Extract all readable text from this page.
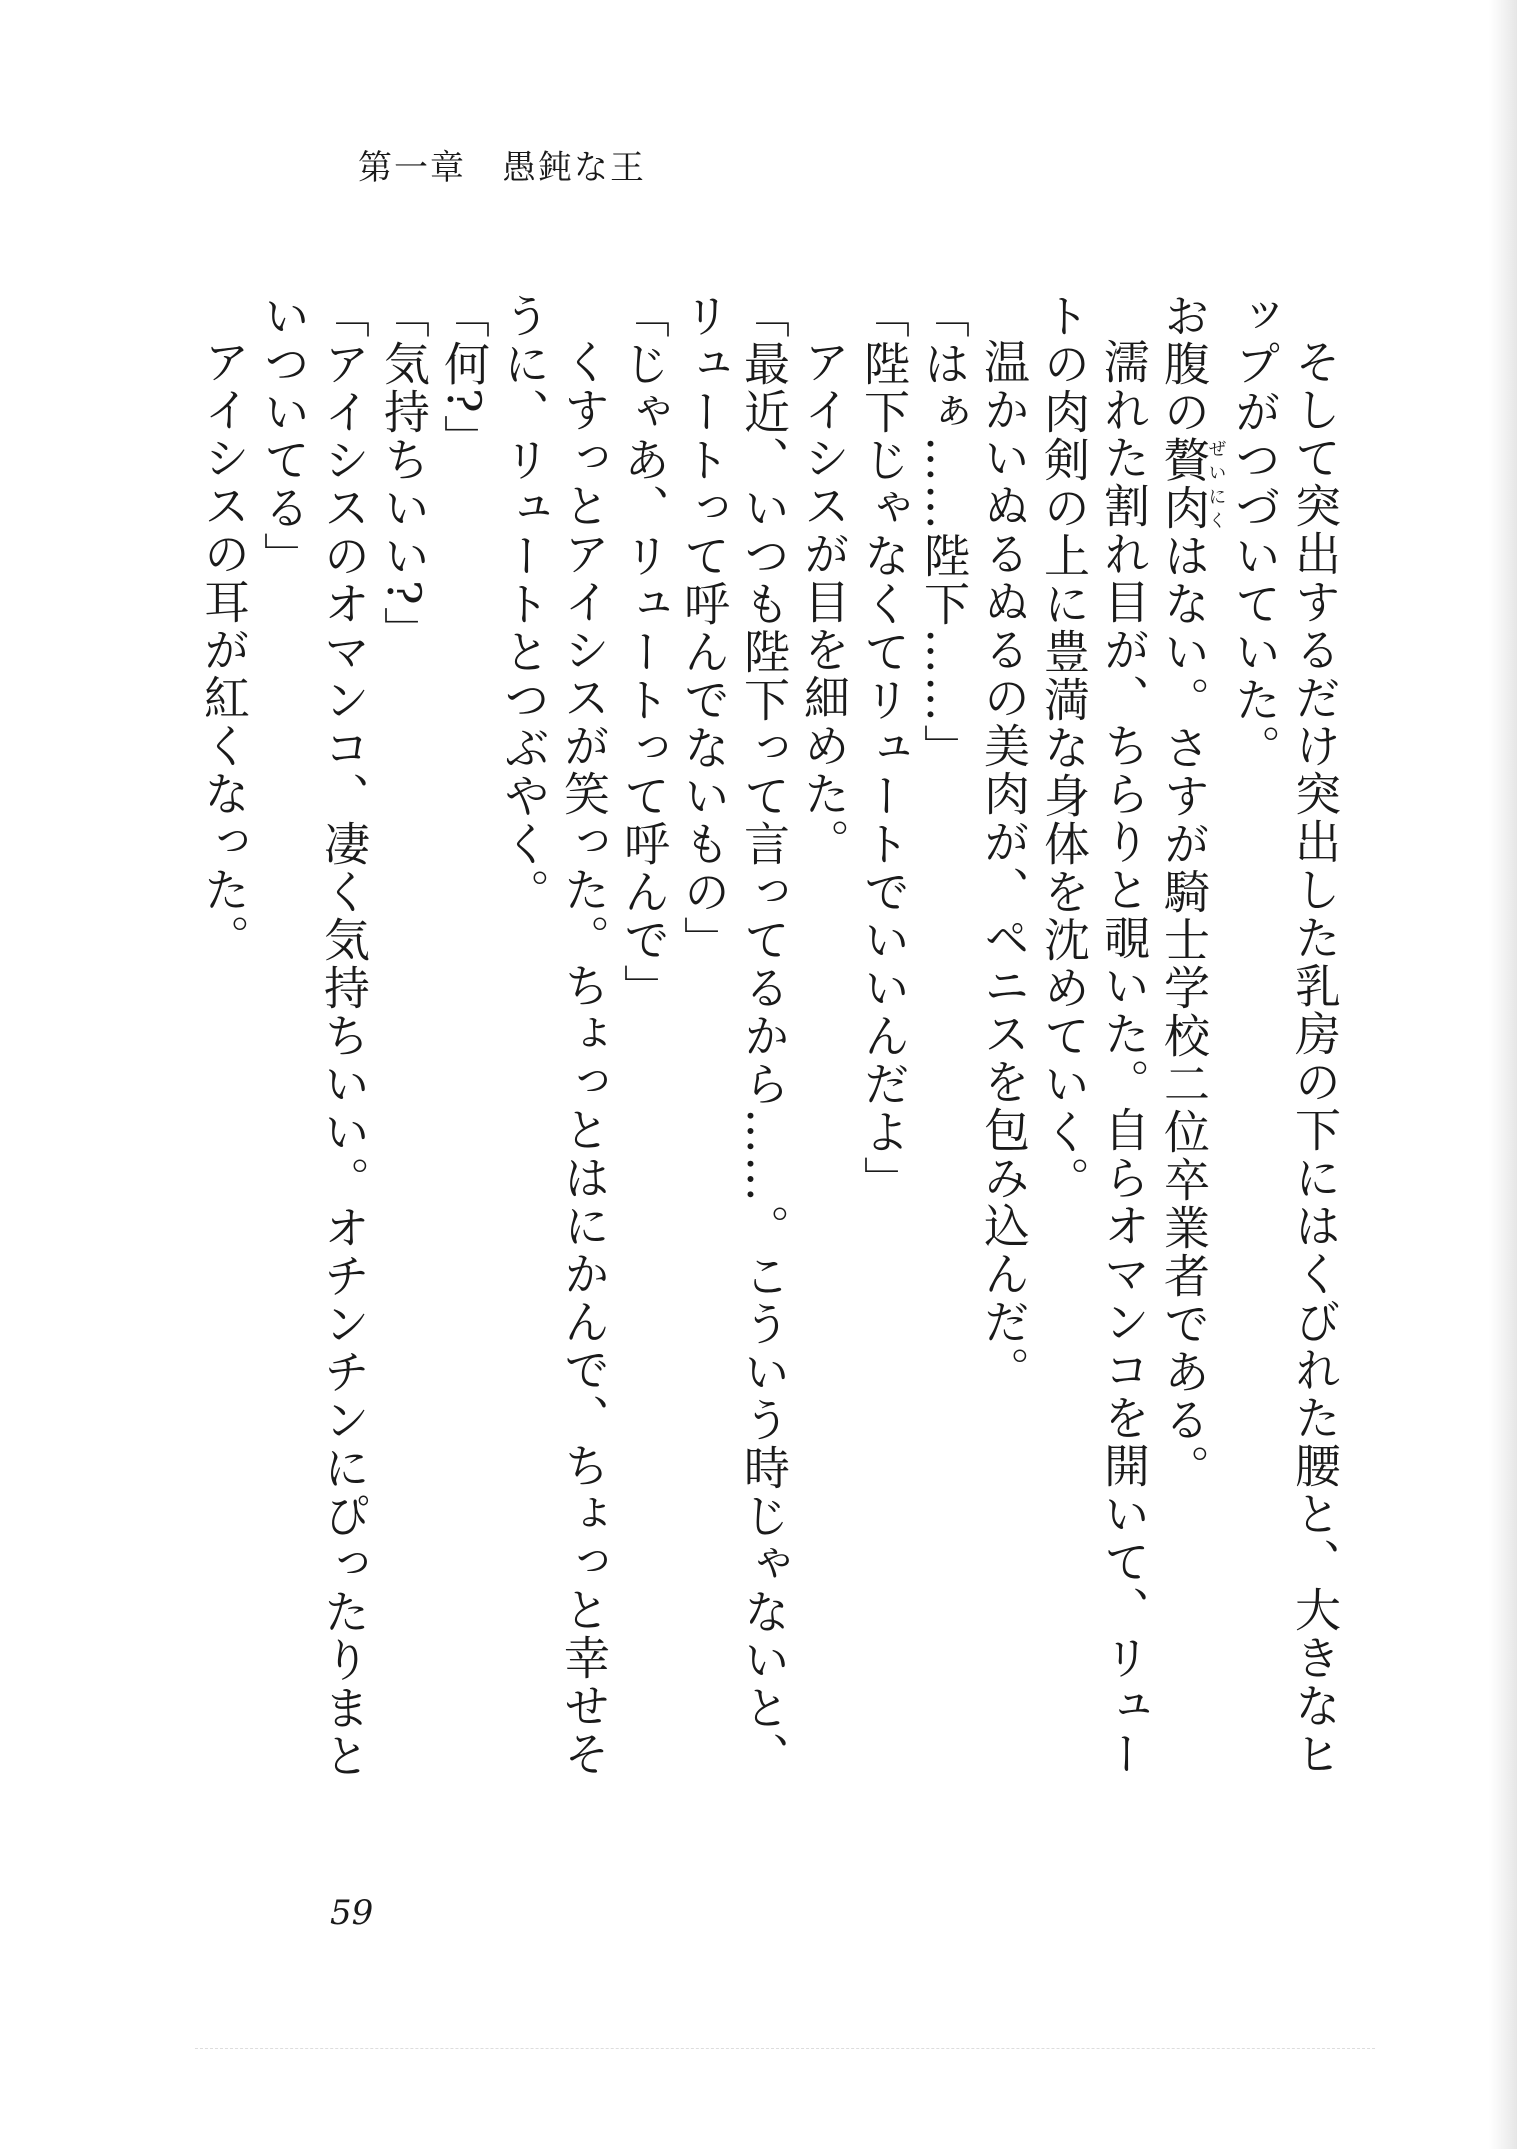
第一章　 愚鈍な王

そして突出するだけ突出した乳房の下にはくびれた腰と、大きなヒップがつづいていた。

お腹の贅肉ぜいにくはない。さすが騎士学校二位卒業者である。

濡れた割れ目が、ちらりと覗いた。自らオマンコを開いて、リュートの肉剣の上に豊満な身体を沈めていく。

温かいぬるぬるの美肉が、ペニスを包み込んだ。

「はぁ……陛下……」

「陛下じゃなくてリュートでいいんだよ」

アイシスが目を細めた。

「最近、いつも陛下って言ってるから……。こういう時じゃないと、リュートって呼んでないもの」

「じゃあ、リュートって呼んで」

くすっとアイシスが笑った。ちょっとはにかんで、ちょっと幸せそうに、リュートとつぶやく。

「何?」

「気持ちいい?」

「アイシスのオマンコ、凄く気持ちいい。オチンチンにぴったりまといついてる」

アイシスの耳が紅くなった。

59
